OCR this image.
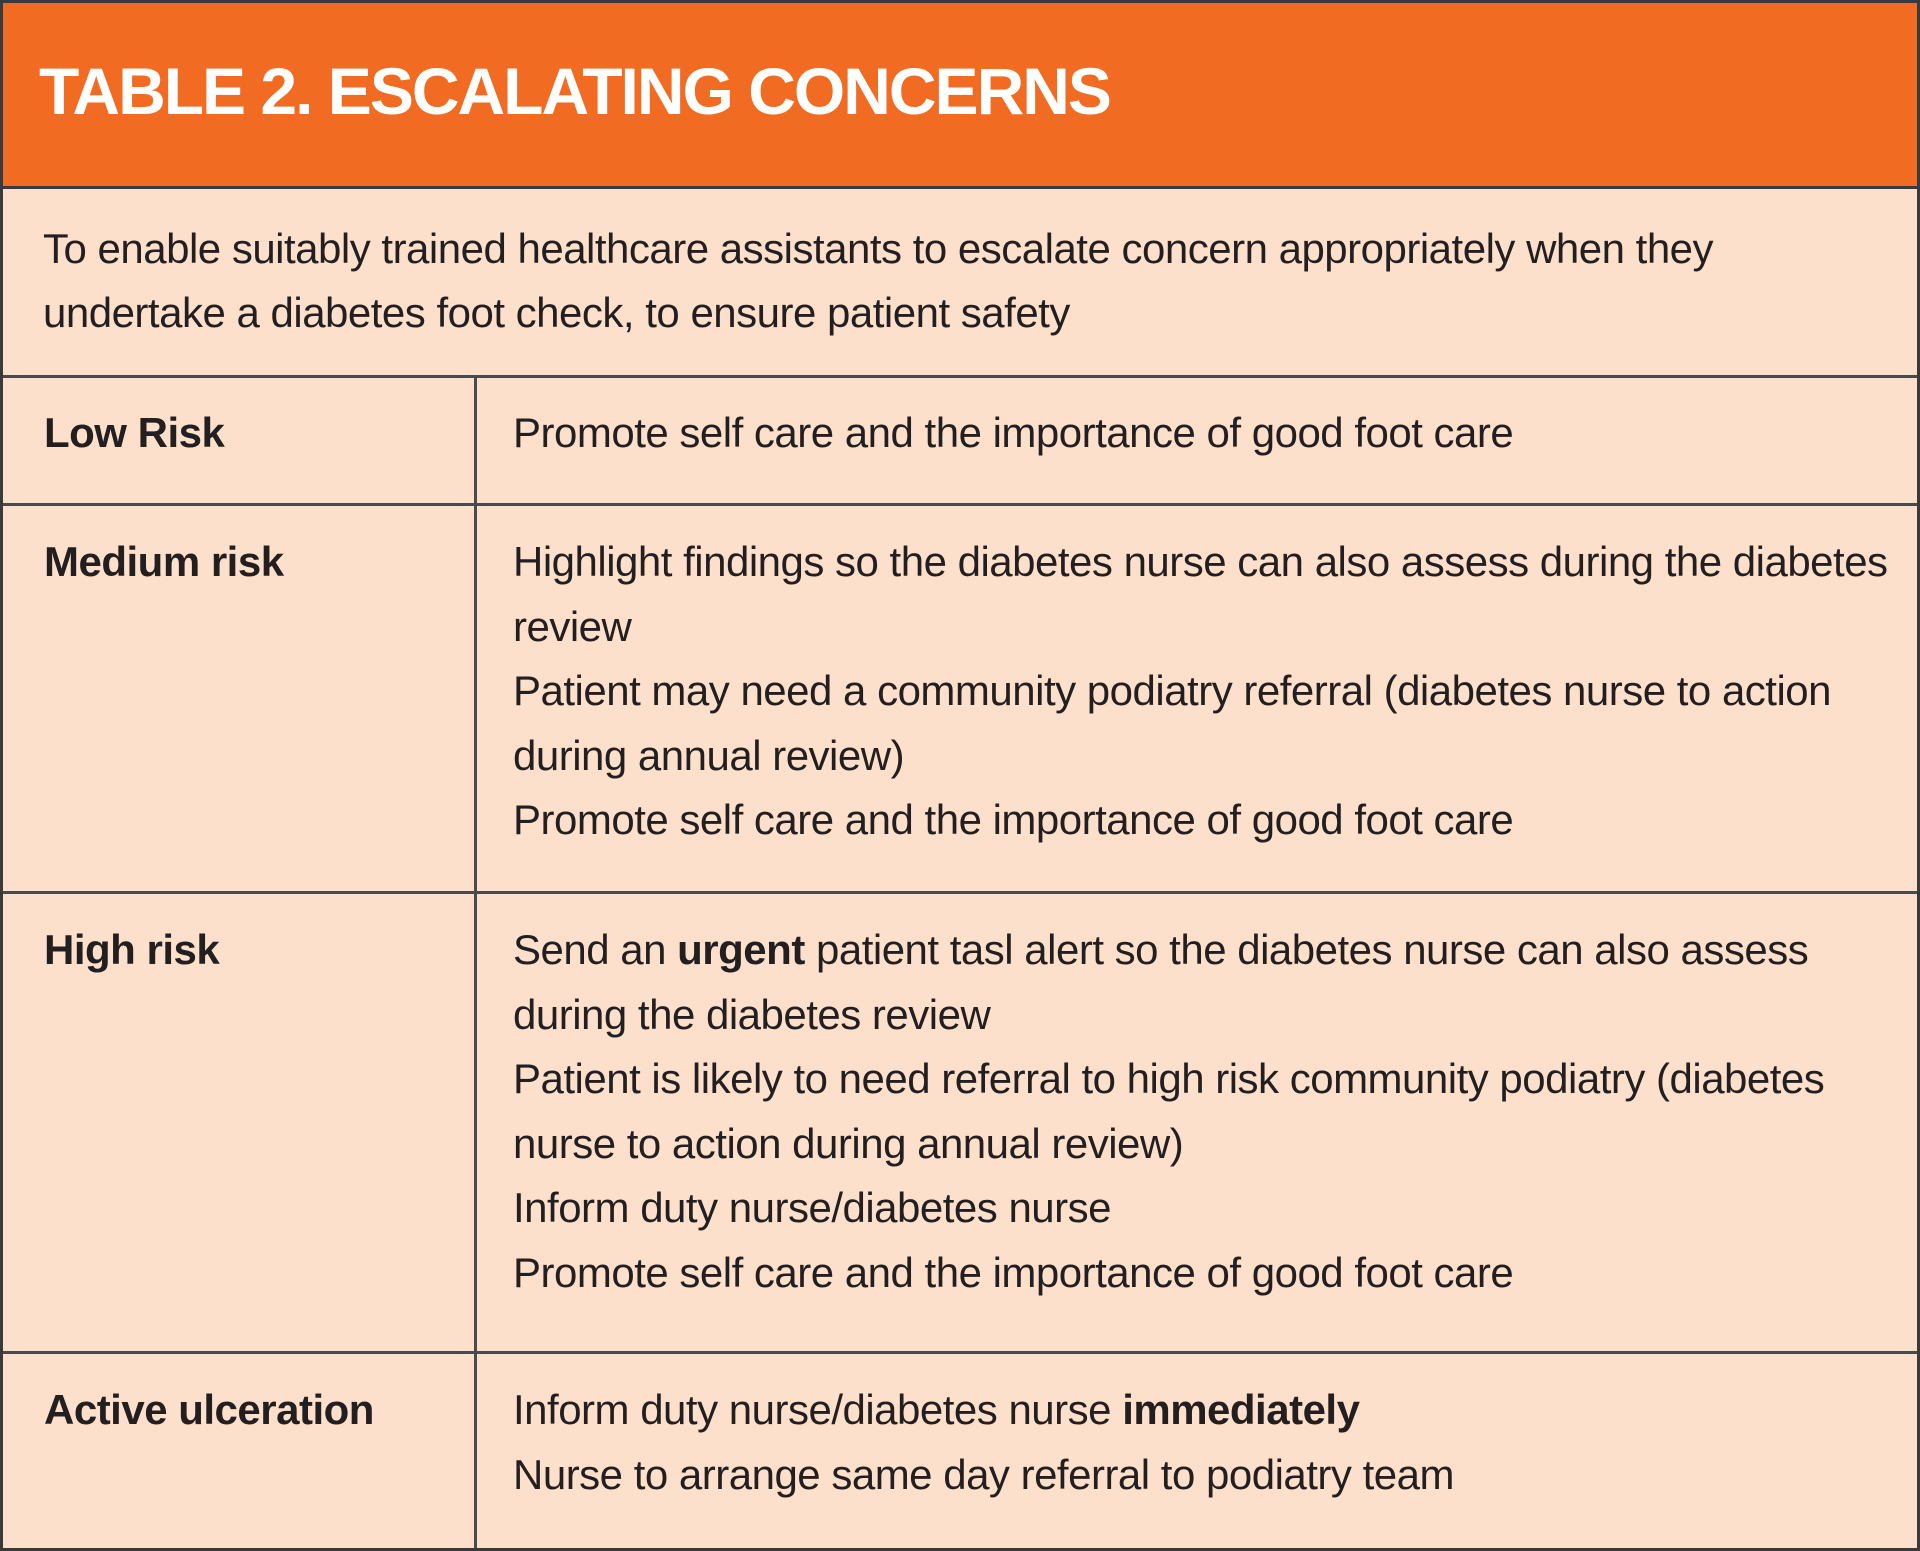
TABLE 2. ESCALATING CONCERNS
To enable suitably trained healthcare assistants to escalate concern appropriately when they undertake a diabetes foot check, to ensure patient safety
Low Risk	Promote self care and the importance of good foot care
Medium risk	Highlight findings so the diabetes nurse can also assess during the diabetes review
Patient may need a community podiatry referral (diabetes nurse to action during annual review)
Promote self care and the importance of good foot care
High risk	Send an urgent patient tasl alert so the diabetes nurse can also assess during the diabetes review
Patient is likely to need referral to high risk community podiatry (diabetes nurse to action during annual review)
Inform duty nurse/diabetes nurse
Promote self care and the importance of good foot care
Active ulceration	Inform duty nurse/diabetes nurse immediately
Nurse to arrange same day referral to podiatry team
